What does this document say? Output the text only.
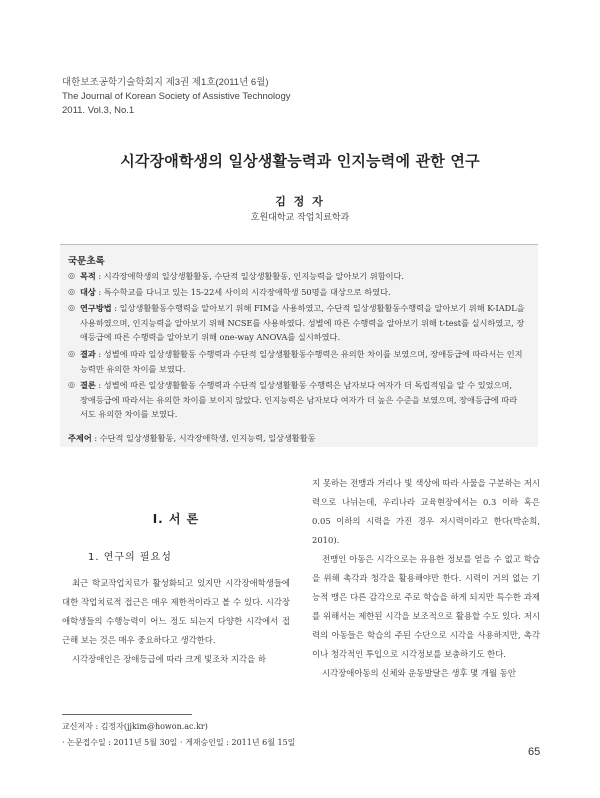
대한보조공학기술학회지 제3권 제1호(2011년 6월)
The Journal of Korean Society of Assistive Technology
2011. Vol.3, No.1
시각장애학생의 일상생활능력과 인지능력에 관한 연구
김 정 자
호원대학교 작업치료학과
국문초록
◎ 목적 : 시각장애학생의 일상생활활동, 수단적 일상생활활동, 인지능력을 알아보기 위함이다.
◎ 대상 : 특수학교를 다니고 있는 15-22세 사이의 시각장애학생 50명을 대상으로 하였다.
◎ 연구방법 : 일상생활활동수행력을 알아보기 위해 FIM을 사용하였고, 수단적 일상생활활동수행력을 알아보기 위해 K-IADL을
사용하였으며, 인지능력을 알아보기 위해 NCSE를 사용하였다. 성별에 따른 수행력을 알아보기 위해 t-test를 실시하였고, 장
애등급에 따른 수행력을 알아보기 위해 one-way ANOVA를 실시하였다.
◎ 결과 : 성별에 따라 일상생활활동 수행력과 수단적 일상생활활동수행력은 유의한 차이를 보였으며, 장애등급에 따라서는 인지
능력만 유의한 차이를 보였다.
◎ 결론 : 성별에 따른 일상생활활동 수행력과 수단적 일상생활활동 수행력은 남자보다 여자가 더 독립적임을 알 수 있었으며,
장애등급에 따라서는 유의한 차이를 보이지 않았다. 인지능력은 남자보다 여자가 더 높은 수준을 보였으며, 장애등급에 따라
서도 유의한 차이를 보였다.
주제어 : 수단적 일상생활활동, 시각장애학생, 인지능력, 일상생활활동
I. 서 론
1. 연구의 필요성

최근 학교작업치료가 활성화되고 있지만 시각장애학생들에 대한 작업치료적 접근은 매우 제한적이라고 볼 수 있다. 시각장애학생들의 수행능력이 어느 정도 되는지 다양한 시각에서 접근해 보는 것은 매우 중요하다고 생각한다.

시각장애인은 장애등급에 따라 크게 빛조차 지각을 하

지 못하는 전맹과 거리나 빛 색상에 따라 사물을 구분하는 저시력으로 나뉘는데, 우리나라 교육현장에서는 0.3 이하 혹은 0.05 이하의 시력을 가진 경우 저시력이라고 한다(박순희, 2010).

전맹인 아동은 시각으로는 유용한 정보를 얻을 수 없고 학습을 위해 촉각과 청각을 활용해야만 한다. 시력이 거의 없는 기능적 맹은 다른 감각으로 주로 학습을 하게 되지만 특수한 과제를 위해서는 제한된 시각을 보조적으로 활용할 수도 있다. 저시력의 아동들은 학습의 주된 수단으로 시각을 사용하지만, 촉각이나 청각적인 투입으로 시각정보를 보충하기도 한다.

시각장애아동의 신체와 운동발달은 생후 몇 개월 동안

교신저자 : 김정자(jjkim@howon.ac.kr)
· 논문접수일 : 2011년 5월 30일 · 게재승인일 : 2011년 6월 15일
65
